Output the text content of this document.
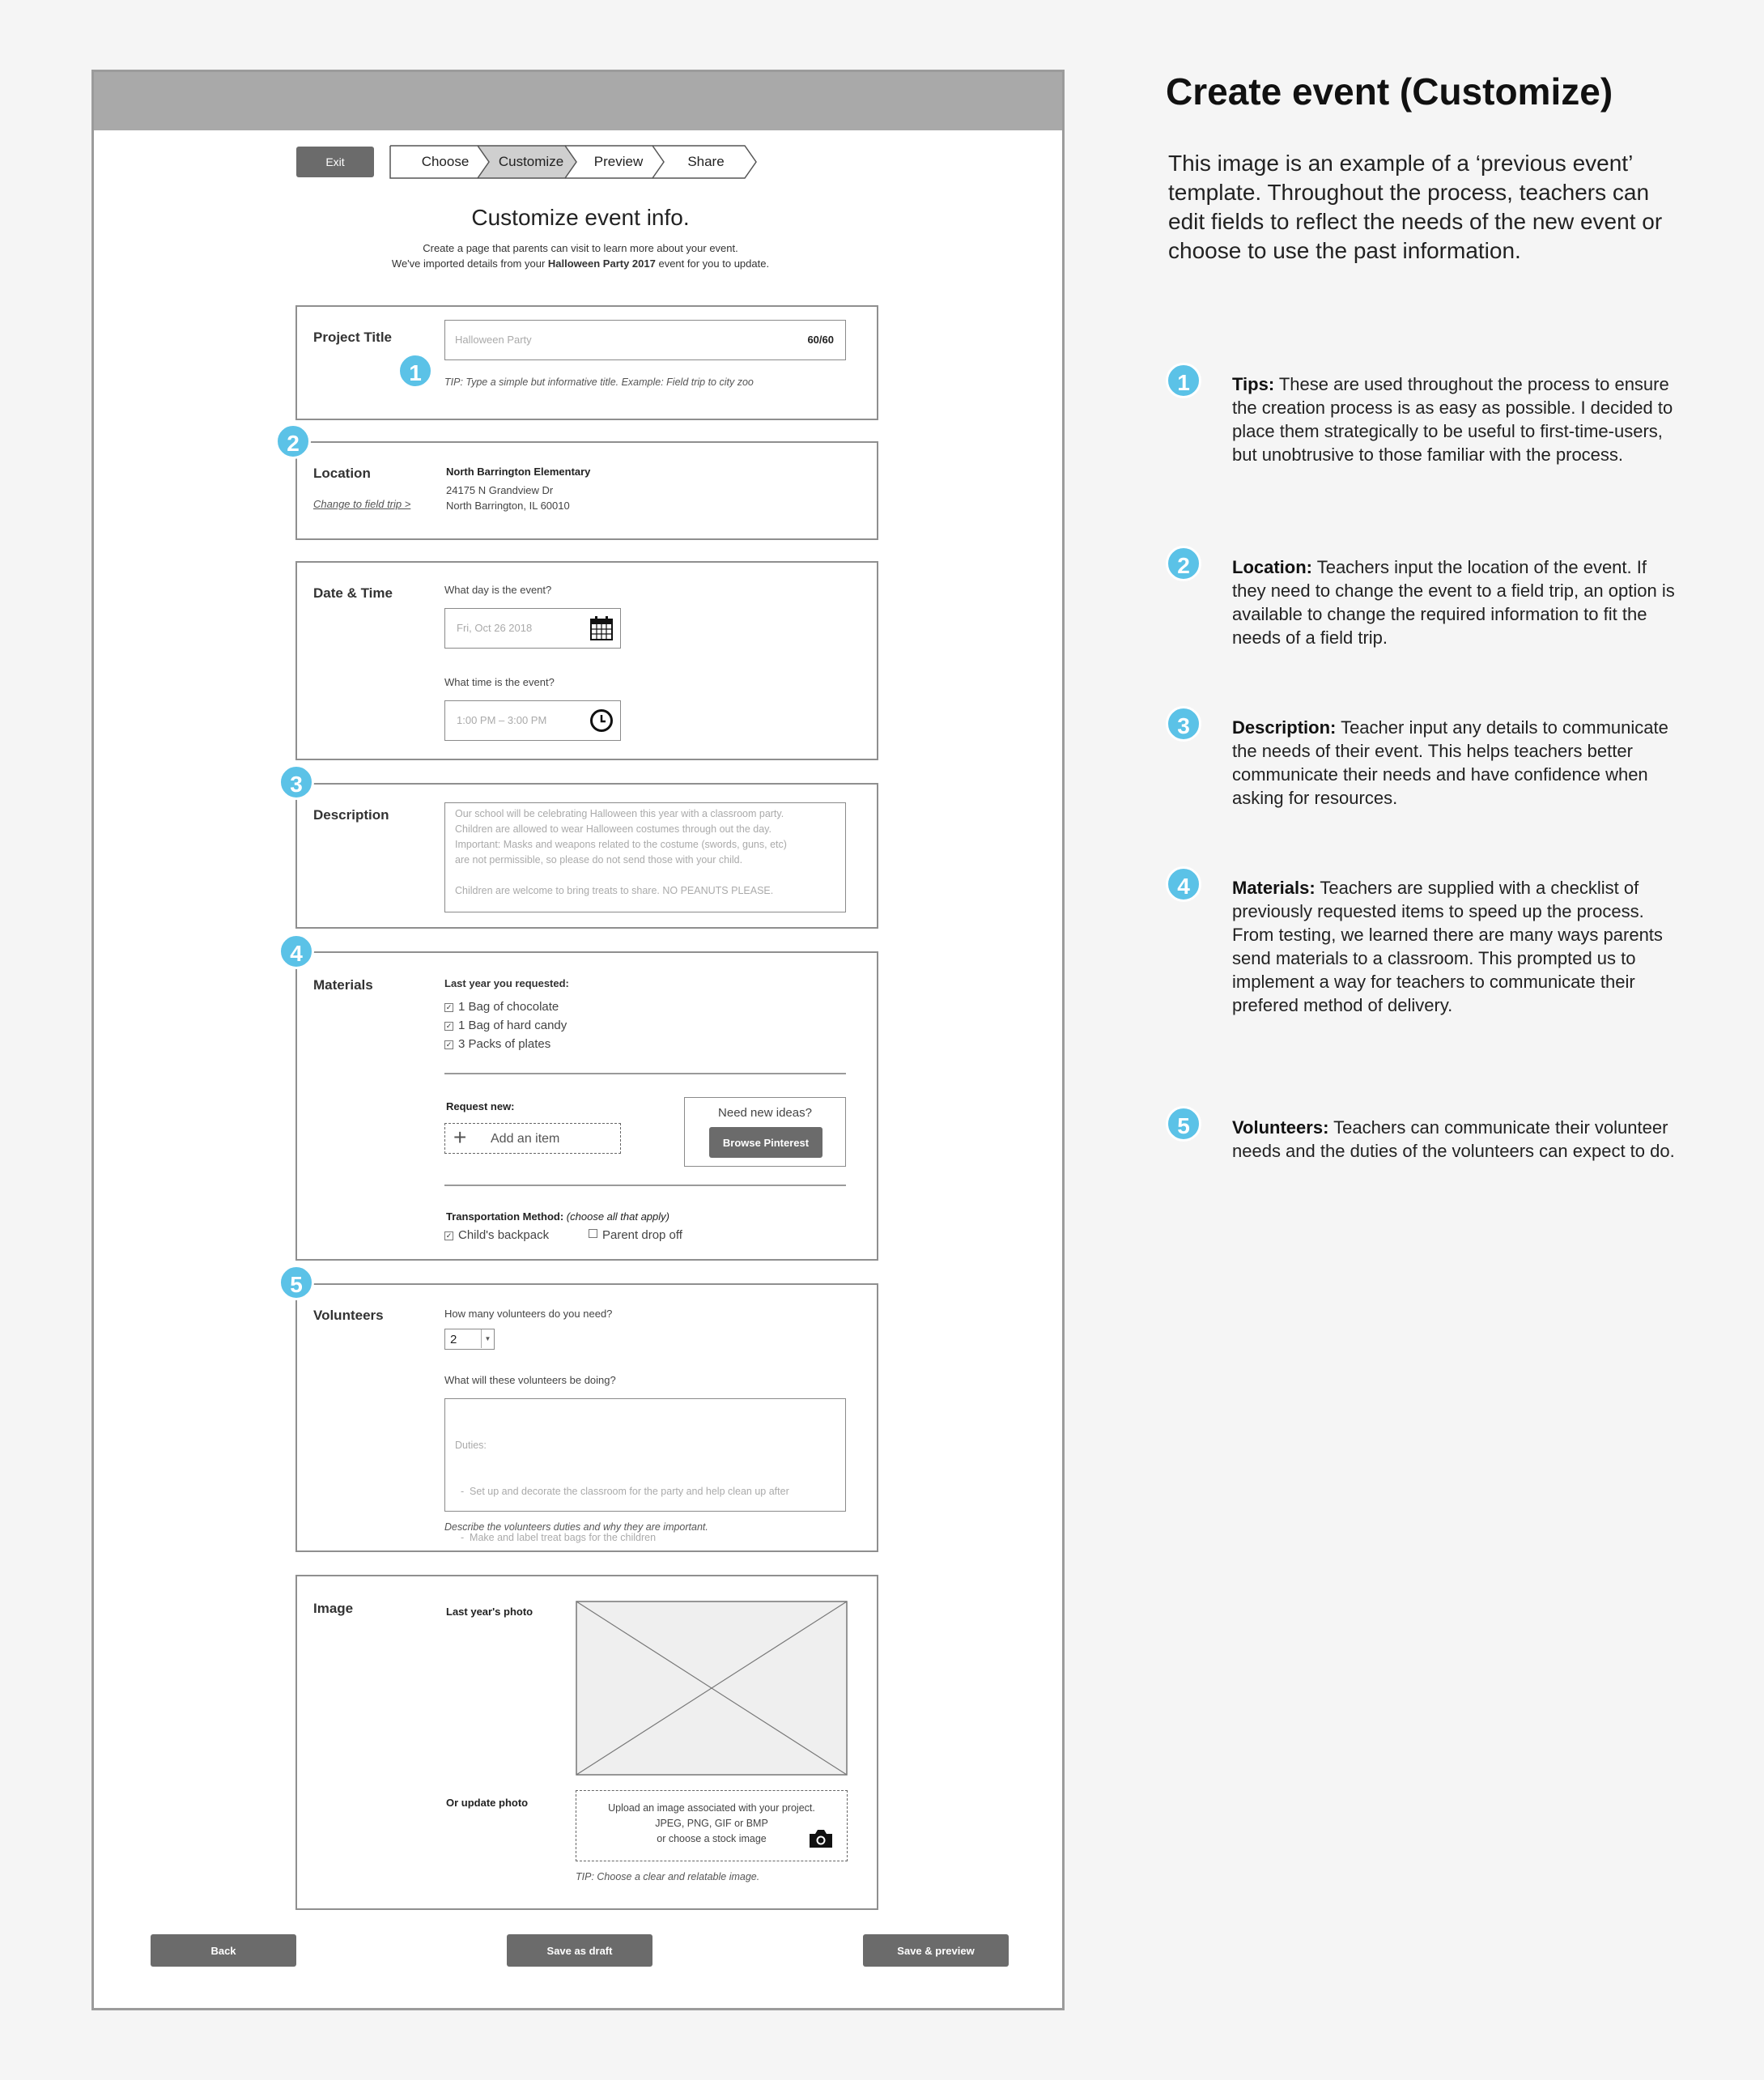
Exit	Choose	Customize	Preview	Share
Customize event info.
Create a page that parents can visit to learn more about your event.
We've imported details from your Halloween Party 2017 event for you to update.
Project Title	Halloween Party	60/60
TIP: Type a simple but informative title. Example: Field trip to city zoo
Location
Change to field trip >
North Barrington Elementary
24175 N Grandview Dr
North Barrington, IL 60010
Date & Time	What day is the event?
Fri, Oct 26 2018
What time is the event?
1:00 PM – 3:00 PM
Description	Our school will be celebrating Halloween this year with a classroom party.
Children are allowed to wear Halloween costumes through out the day.
Important: Masks and weapons related to the costume (swords, guns, etc)
are not permissible, so please do not send those with your child.
Children are welcome to bring treats to share. NO PEANUTS PLEASE.
Materials	Last year you requested:
✓ 1 Bag of chocolate
✓ 1 Bag of hard candy
✓ 3 Packs of plates
Request new:
+ Add an item
Need new ideas?
Browse Pinterest
Transportation Method: (choose all that apply)
✓ Child's backpack	Parent drop off
Volunteers	How many volunteers do you need?
2	▼
What will these volunteers be doing?

Duties:

-  Set up and decorate the classroom for the party and help clean up after

-  Make and label treat bags for the children

Describe the volunteers duties and why they are important.
Image	Last year's photo
Or update photo	Upload an image associated with your project.
JPEG, PNG, GIF or BMP
or choose a stock image
TIP: Choose a clear and relatable image.
Back	Save as draft	Save & preview
1
2
3
4
5
Create event (Customize)
This image is an example of a ‘previous event’ template. Throughout the process, teachers can edit fields to reflect the needs of the new event or choose to use the past information.
1	Tips: These are used throughout the process to ensure the creation process is as easy as possible. I decided to place them strategically to be useful to first-time-users, but unobtrusive to those familiar with the process.
2	Location: Teachers input the location of the event. If they need to change the event to a field trip, an option is available to change the required information to fit the needs of a field trip.
3	Description: Teacher input any details to communicate the needs of their event. This helps teachers better communicate their needs and have confidence when asking for resources.
4	Materials: Teachers are supplied with a checklist of previously requested items to speed up the process. From testing, we learned there are many ways parents send materials to a classroom. This prompted us to implement a way for teachers to communicate their prefered method of delivery.
5	Volunteers: Teachers can communicate their volunteer needs and the duties of the volunteers can expect to do.
